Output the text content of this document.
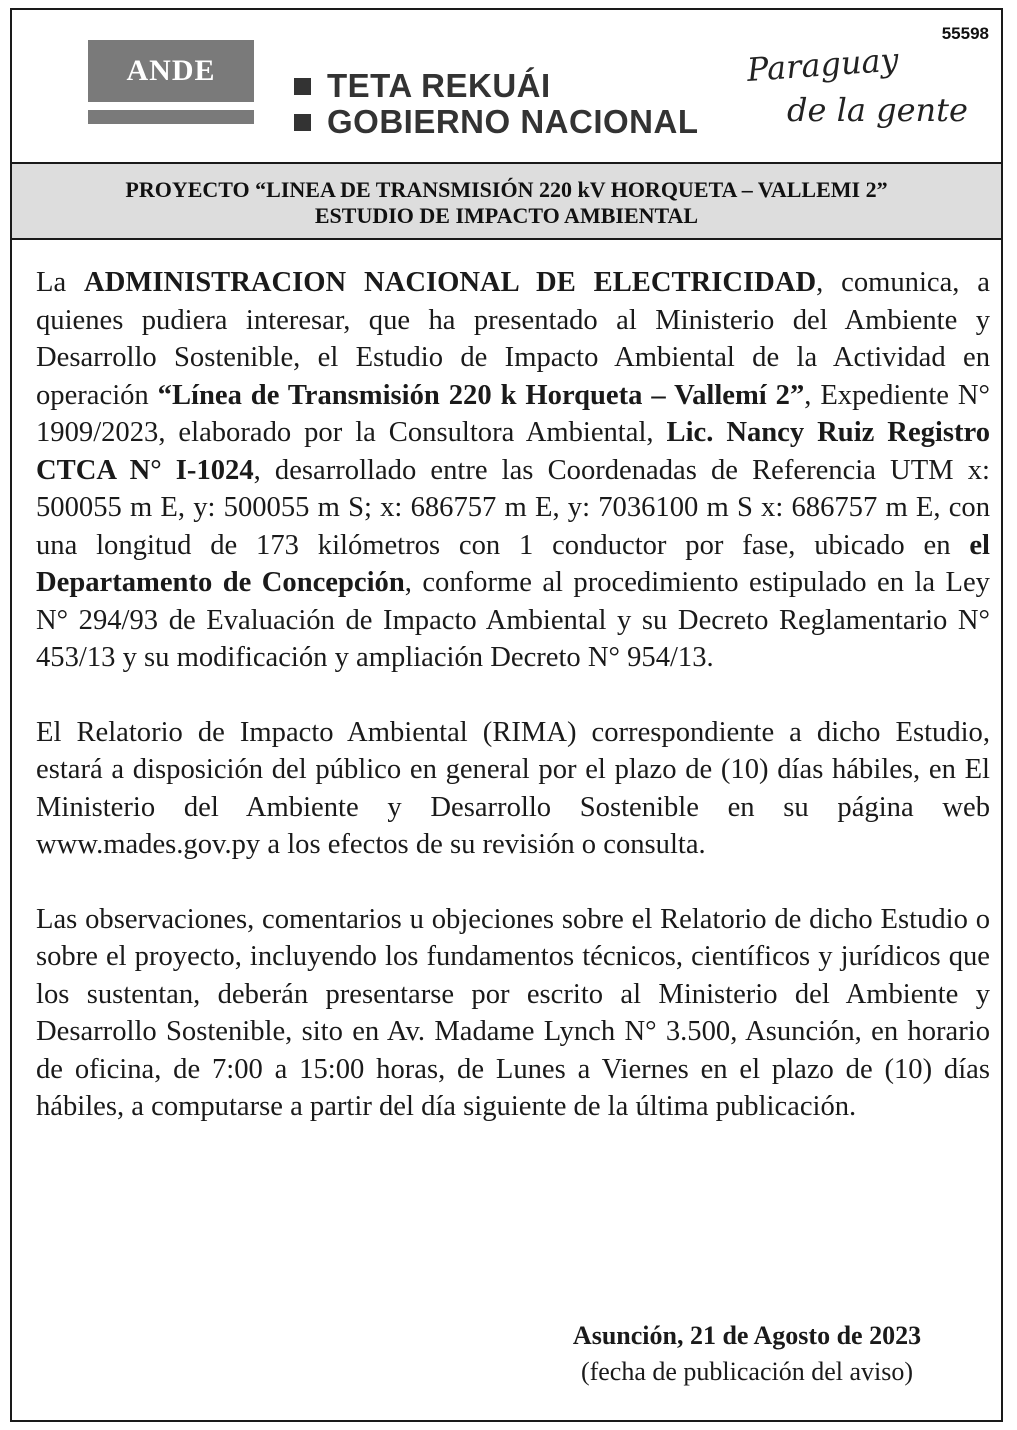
55598
ANDE	TETA REKUÁI
GOBIERNO NACIONAL
Paraguay
de la gente
PROYECTO “LINEA DE TRANSMISIÓN 220 kV HORQUETA – VALLEMI 2”
ESTUDIO DE IMPACTO AMBIENTAL

La ADMINISTRACION NACIONAL DE ELECTRICIDAD, comunica, a quienes pudiera interesar, que ha presentado al Ministerio del Ambiente y Desarrollo Sostenible, el Estudio de Impacto Ambiental de la Actividad en operación “Línea de Transmisión 220 k Horqueta – Vallemí 2”, Expediente N° 1909/2023, elaborado por la Consultora Ambiental, Lic. Nancy Ruiz Registro CTCA N° I-1024, desarrollado entre las Coordenadas de Referencia UTM x: 500055 m E, y: 500055 m S; x: 686757 m E, y: 7036100 m S x: 686757 m E, con una longitud de 173 kilómetros con 1 conductor por fase, ubicado en el Departamento de Concepción, conforme al procedimiento estipulado en la Ley N° 294/93 de Evaluación de Impacto Ambiental y su Decreto Reglamentario N° 453/13 y su modificación y ampliación Decreto N° 954/13.

El Relatorio de Impacto Ambiental (RIMA) correspondiente a dicho Estudio, estará a disposición del público en general por el plazo de (10) días hábiles, en El Ministerio del Ambiente y Desarrollo Sostenible en su página web www.mades.gov.py a los efectos de su revisión o consulta.

Las observaciones, comentarios u objeciones sobre el Relatorio de dicho Estudio o sobre el proyecto, incluyendo los fundamentos técnicos, científicos y jurídicos que los sustentan, deberán presentarse por escrito al Ministerio del Ambiente y Desarrollo Sostenible, sito en Av. Madame Lynch N° 3.500, Asunción, en horario de oficina, de 7:00 a 15:00 horas, de Lunes a Viernes en el plazo de (10) días hábiles, a computarse a partir del día siguiente de la última publicación.

Asunción, 21 de Agosto de 2023
(fecha de publicación del aviso)
